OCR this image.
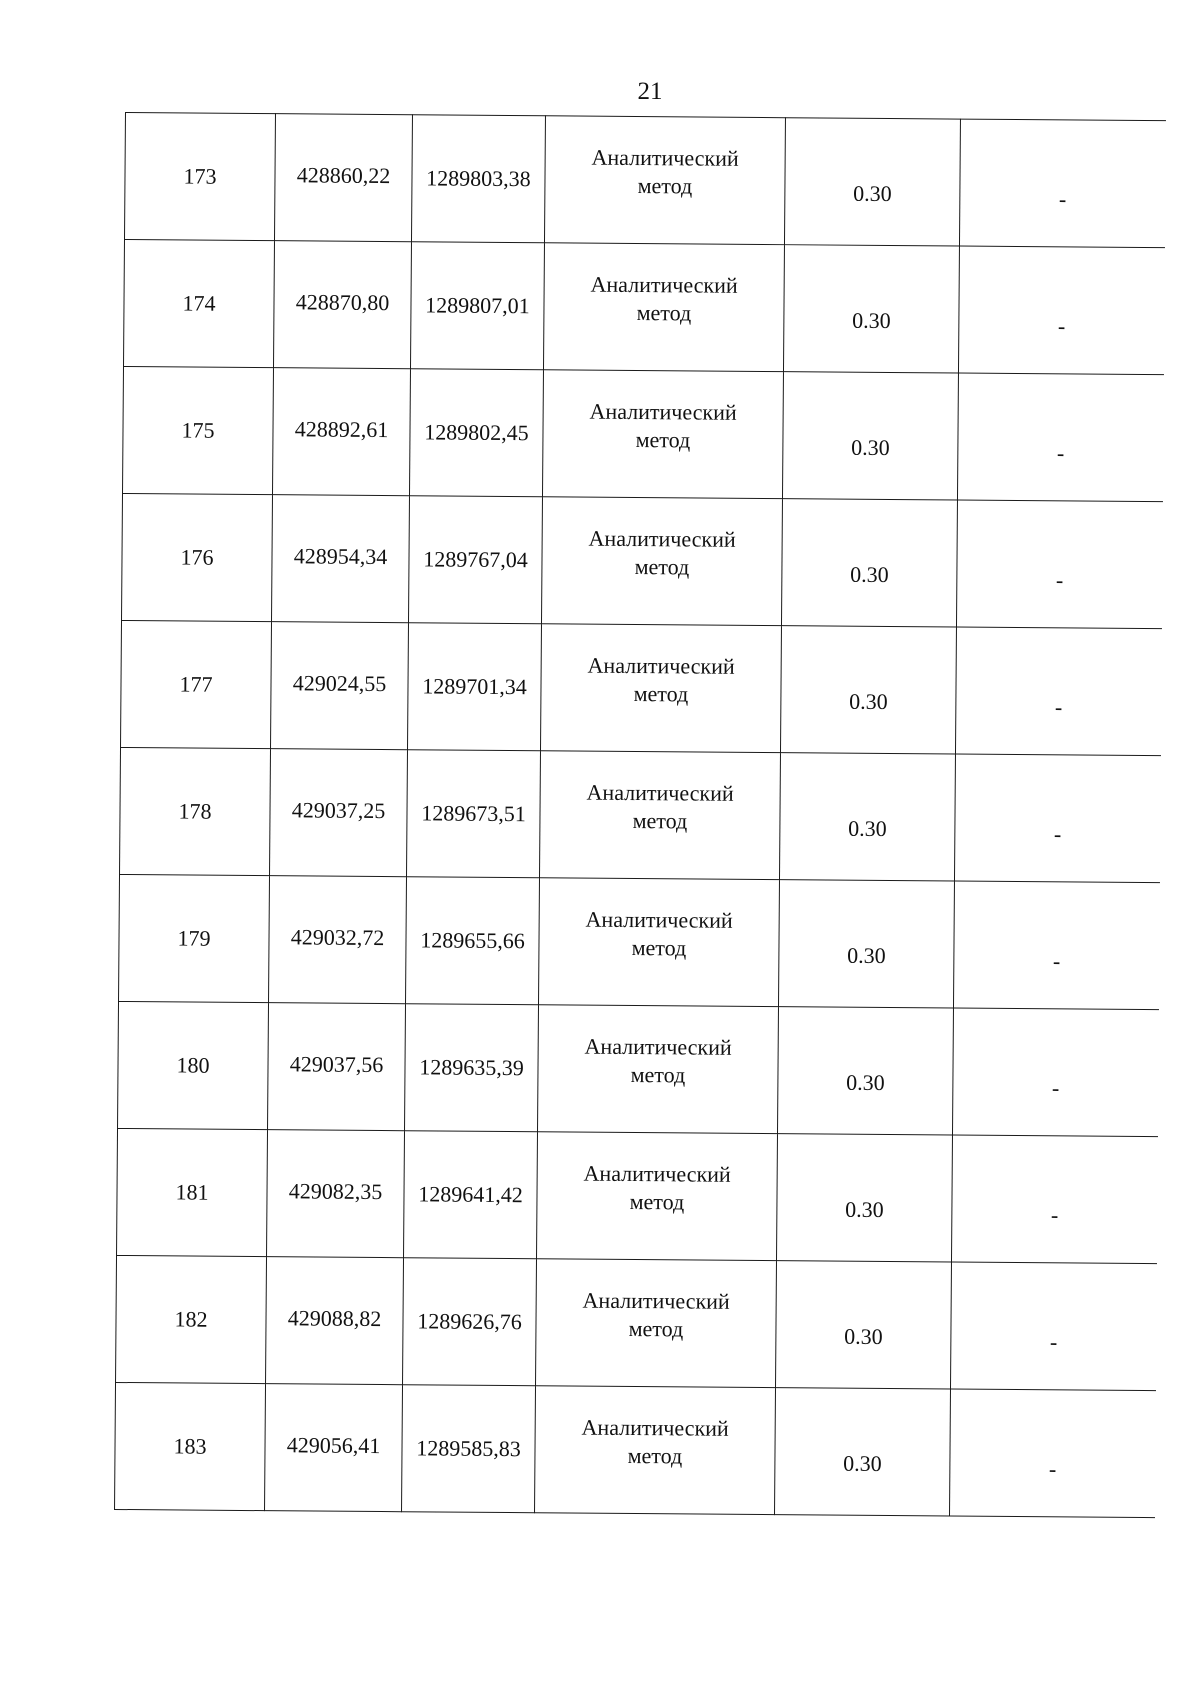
21
173	428860,22	1289803,38	Аналитический
метод	0.30	-
174	428870,80	1289807,01	Аналитический
метод	0.30	-
175	428892,61	1289802,45	Аналитический
метод	0.30	-
176	428954,34	1289767,04	Аналитический
метод	0.30	-
177	429024,55	1289701,34	Аналитический
метод	0.30	-
178	429037,25	1289673,51	Аналитический
метод	0.30	-
179	429032,72	1289655,66	Аналитический
метод	0.30	-
180	429037,56	1289635,39	Аналитический
метод	0.30	-
181	429082,35	1289641,42	Аналитический
метод	0.30	-
182	429088,82	1289626,76	Аналитический
метод	0.30	-
183	429056,41	1289585,83	Аналитический
метод	0.30	-
